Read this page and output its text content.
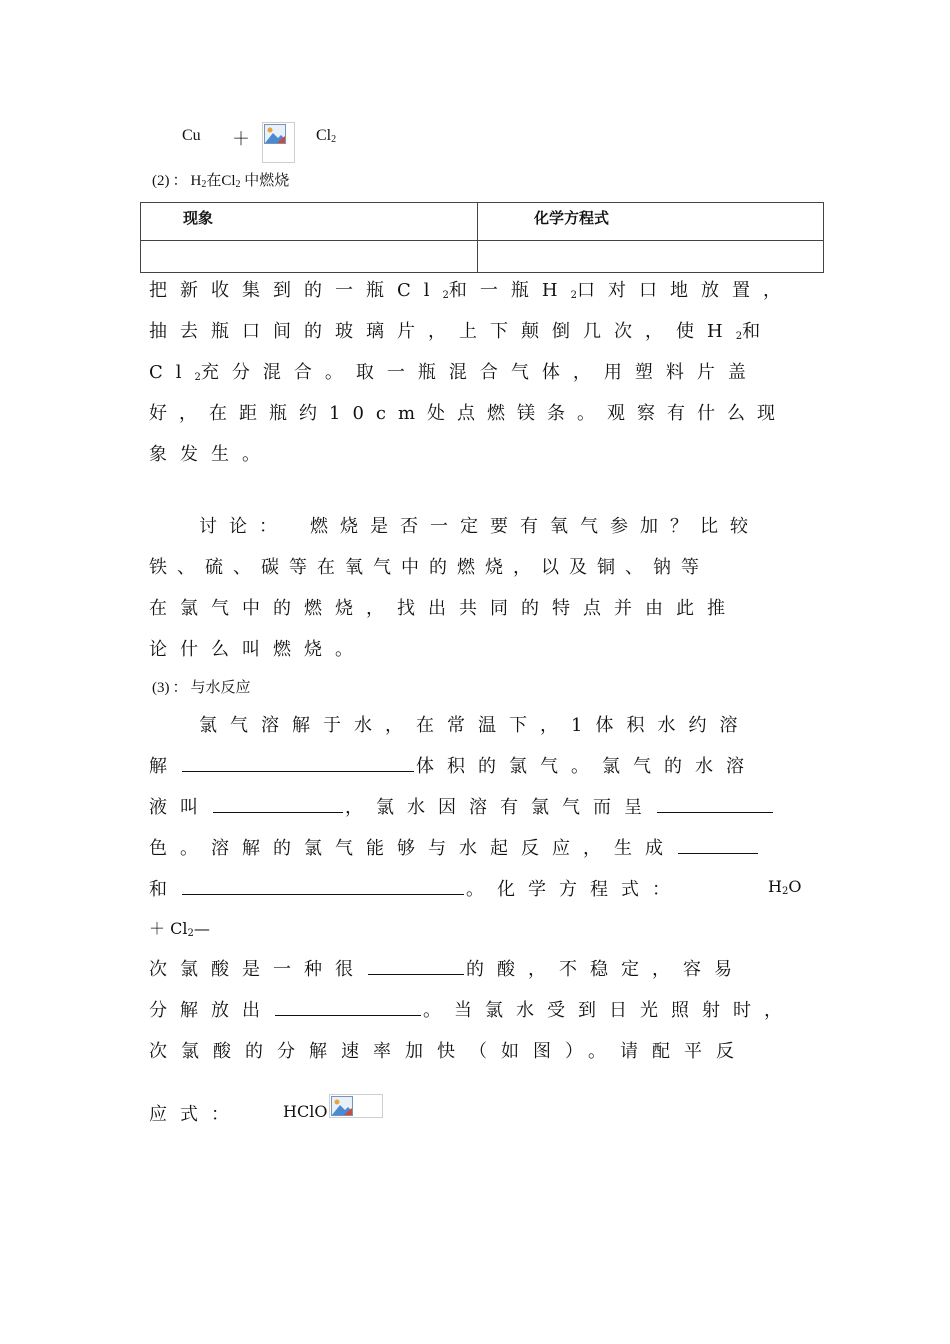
Cu ＋	$Cl_2$
(2) ： $H_2$在$Cl_2$ 中燃烧
现象	化学方程式

把新收集到的一瓶$Cl_2$和一瓶$H_2$口对口地放置，
抽去瓶口间的玻璃片，上下颠倒几次，使$H_2$和
$Cl_2$充分混合。取一瓶混合气体，用塑料片盖
好，在距瓶约10cm处点燃镁条。观察有什么现
象发生。
讨论：　燃烧是否一定要有氧气参加？比较
铁、硫、碳等在氧气中的燃烧，以及铜、钠等
在氯气中的燃烧，找出共同的特点并由此推
论什么叫燃烧。
(3) ： 与水反应
氯气溶解于水，在常温下，1体积水约溶
解	体积的氯气。氯气的水溶
液叫	，氯水因溶有氯气而呈
色。溶解的氯气能够与水起反应，生成
和	。化学方程式：	$H_2O$
＋ $Cl_2—$
次氯酸是一种很	的酸，不稳定，容易
分解放出	。当氯水受到日光照射时，
次氯酸的分解速率加快（如图）。请配平反
应式：	HClO
